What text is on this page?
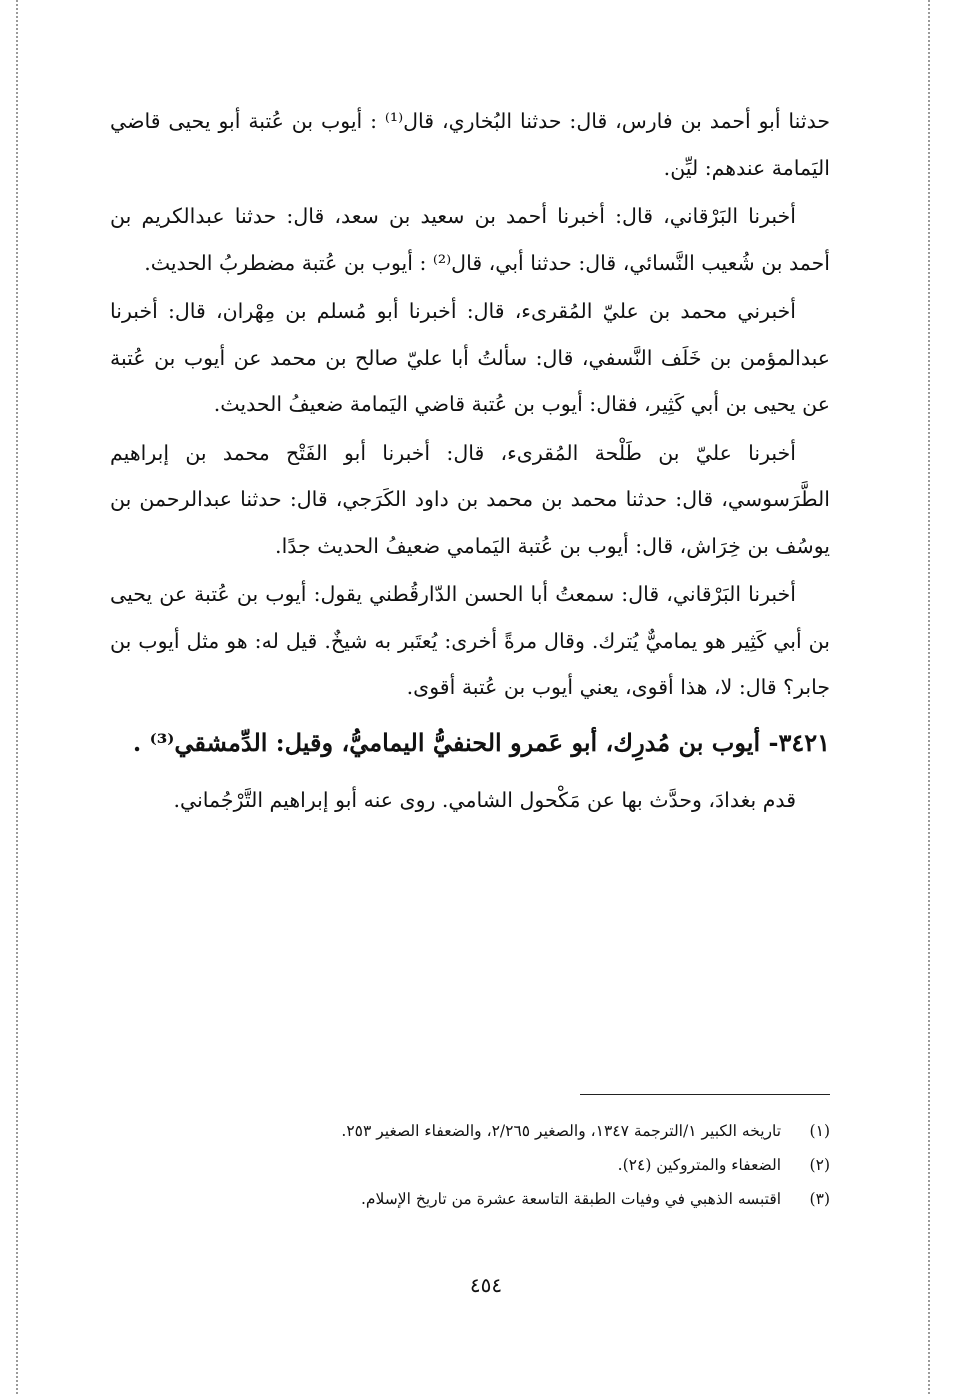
حدثنا أبو أحمد بن فارس، قال: حدثنا البُخاري، قال⁽¹⁾ : أيوب بن عُتبة أبو يحيى قاضي اليَمامة عندهم: ليِّن.

أخبرنا البَرْقاني، قال: أخبرنا أحمد بن سعيد بن سعد، قال: حدثنا عبدالكريم بن أحمد بن شُعيب النَّسائي، قال: حدثنا أبي، قال⁽²⁾ : أيوب بن عُتبة مضطربُ الحديث.

أخبرني محمد بن عليّ المُقرىء، قال: أخبرنا أبو مُسلم بن مِهْران، قال: أخبرنا عبدالمؤمن بن خَلَف النَّسفي، قال: سألتُ أبا عليّ صالح بن محمد عن أيوب بن عُتبة عن يحيى بن أبي كَثِير، فقال: أيوب بن عُتبة قاضي اليَمامة ضعيفُ الحديث.

أخبرنا عليّ بن طَلْحة المُقرىء، قال: أخبرنا أبو الفَتْح محمد بن إبراهيم الطَّرَسوسي، قال: حدثنا محمد بن محمد بن داود الكَرَجي، قال: حدثنا عبدالرحمن بن يوسُف بن خِرَاش، قال: أيوب بن عُتبة اليَمامي ضعيفُ الحديث جدًا.

أخبرنا البَرْقاني، قال: سمعتُ أبا الحسن الدّارقُطني يقول: أيوب بن عُتبة عن يحيى بن أبي كَثِير هو يماميٌّ يُترك. وقال مرةً أخرى: يُعتَبر به شيخٌ. قيل له: هو مثل أيوب بن جابر؟ قال: لا، هذا أقوى، يعني أيوب بن عُتبة أقوى.

٣٤٢١- أيوب بن مُدرِك، أبو عَمرو الحنفيُّ اليماميُّ، وقيل: الدِّمشقي⁽³⁾ .

قدم بغدادَ، وحدَّث بها عن مَكْحول الشامي. روى عنه أبو إبراهيم التَّرْجُماني.

(١) تاريخه الكبير ١/الترجمة ١٣٤٧، والصغير ٢/٢٦٥، والضعفاء الصغير ٢٥٣.
(٢) الضعفاء والمتروكين (٢٤).
(٣) اقتبسه الذهبي في وفيات الطبقة التاسعة عشرة من تاريخ الإسلام.
٤٥٤
